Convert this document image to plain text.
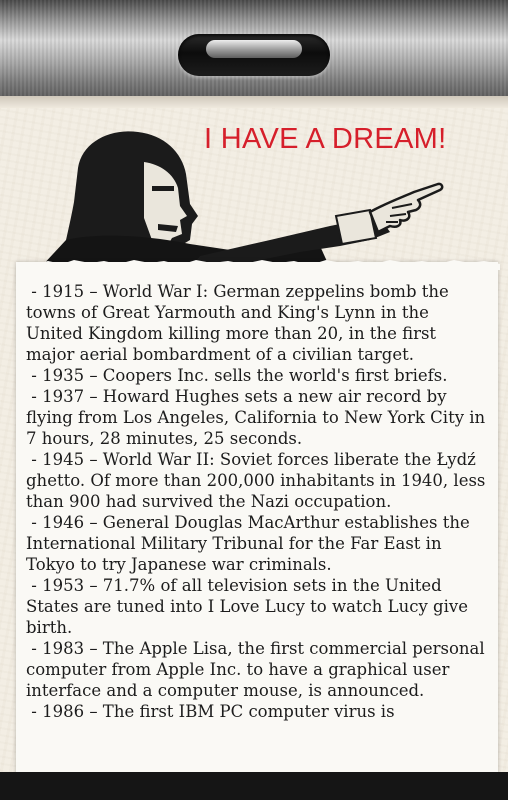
I HAVE A DREAM!
- 1915 – World War I: German zeppelins bomb the towns of Great Yarmouth and King's Lynn in the United Kingdom killing more than 20, in the first major aerial bombardment of a civilian target.
- 1935 – Coopers Inc. sells the world's first briefs.
- 1937 – Howard Hughes sets a new air record by flying from Los Angeles, California to New York City in 7 hours, 28 minutes, 25 seconds.
- 1945 – World War II: Soviet forces liberate the Łydź ghetto. Of more than 200,000 inhabitants in 1940, less than 900 had survived the Nazi occupation.
- 1946 – General Douglas MacArthur establishes the International Military Tribunal for the Far East in Tokyo to try Japanese war criminals.
- 1953 – 71.7% of all television sets in the United States are tuned into I Love Lucy to watch Lucy give birth.
- 1983 – The Apple Lisa, the first commercial personal computer from Apple Inc. to have a graphical user interface and a computer mouse, is announced.
- 1986 – The first IBM PC computer virus is
